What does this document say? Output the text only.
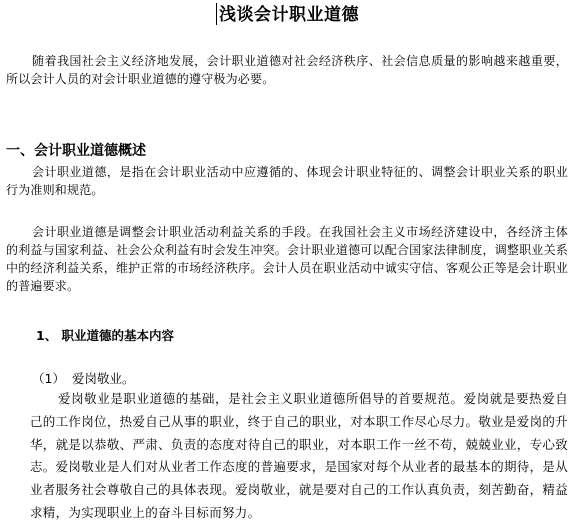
浅谈会计职业道德
随着我国社会主义经济地发展，会计职业道德对社会经济秩序、社会信息质量的影响越来越重要，所以会计人员的对会计职业道德的遵守极为必要。
一、会计职业道德概述
会计职业道德，是指在会计职业活动中应遵循的、体现会计职业特征的、调整会计职业关系的职业行为准则和规范。
会计职业道德是调整会计职业活动利益关系的手段。在我国社会主义市场经济建设中，各经济主体的利益与国家利益、社会公众利益有时会发生冲突。会计职业道德可以配合国家法律制度，调整职业关系中的经济利益关系，维护正常的市场经济秩序。会计人员在职业活动中诚实守信、客观公正等是会计职业的普遍要求。
1、 职业道德的基本内容
（1） 爱岗敬业。
爱岗敬业是职业道德的基础，是社会主义职业道德所倡导的首要规范。爱岗就是要热爱自己的工作岗位，热爱自己从事的职业，终于自己的职业，对本职工作尽心尽力。敬业是爱岗的升华，就是以恭敬、严肃、负责的态度对待自己的职业，对本职工作一丝不苟，兢兢业业，专心致志。爱岗敬业是人们对从业者工作态度的普遍要求，是国家对每个从业者的最基本的期待，是从业者服务社会尊敬自己的具体表现。爱岗敬业，就是要对自己的工作认真负责，刻苦勤奋，精益求精，为实现职业上的奋斗目标而努力。
